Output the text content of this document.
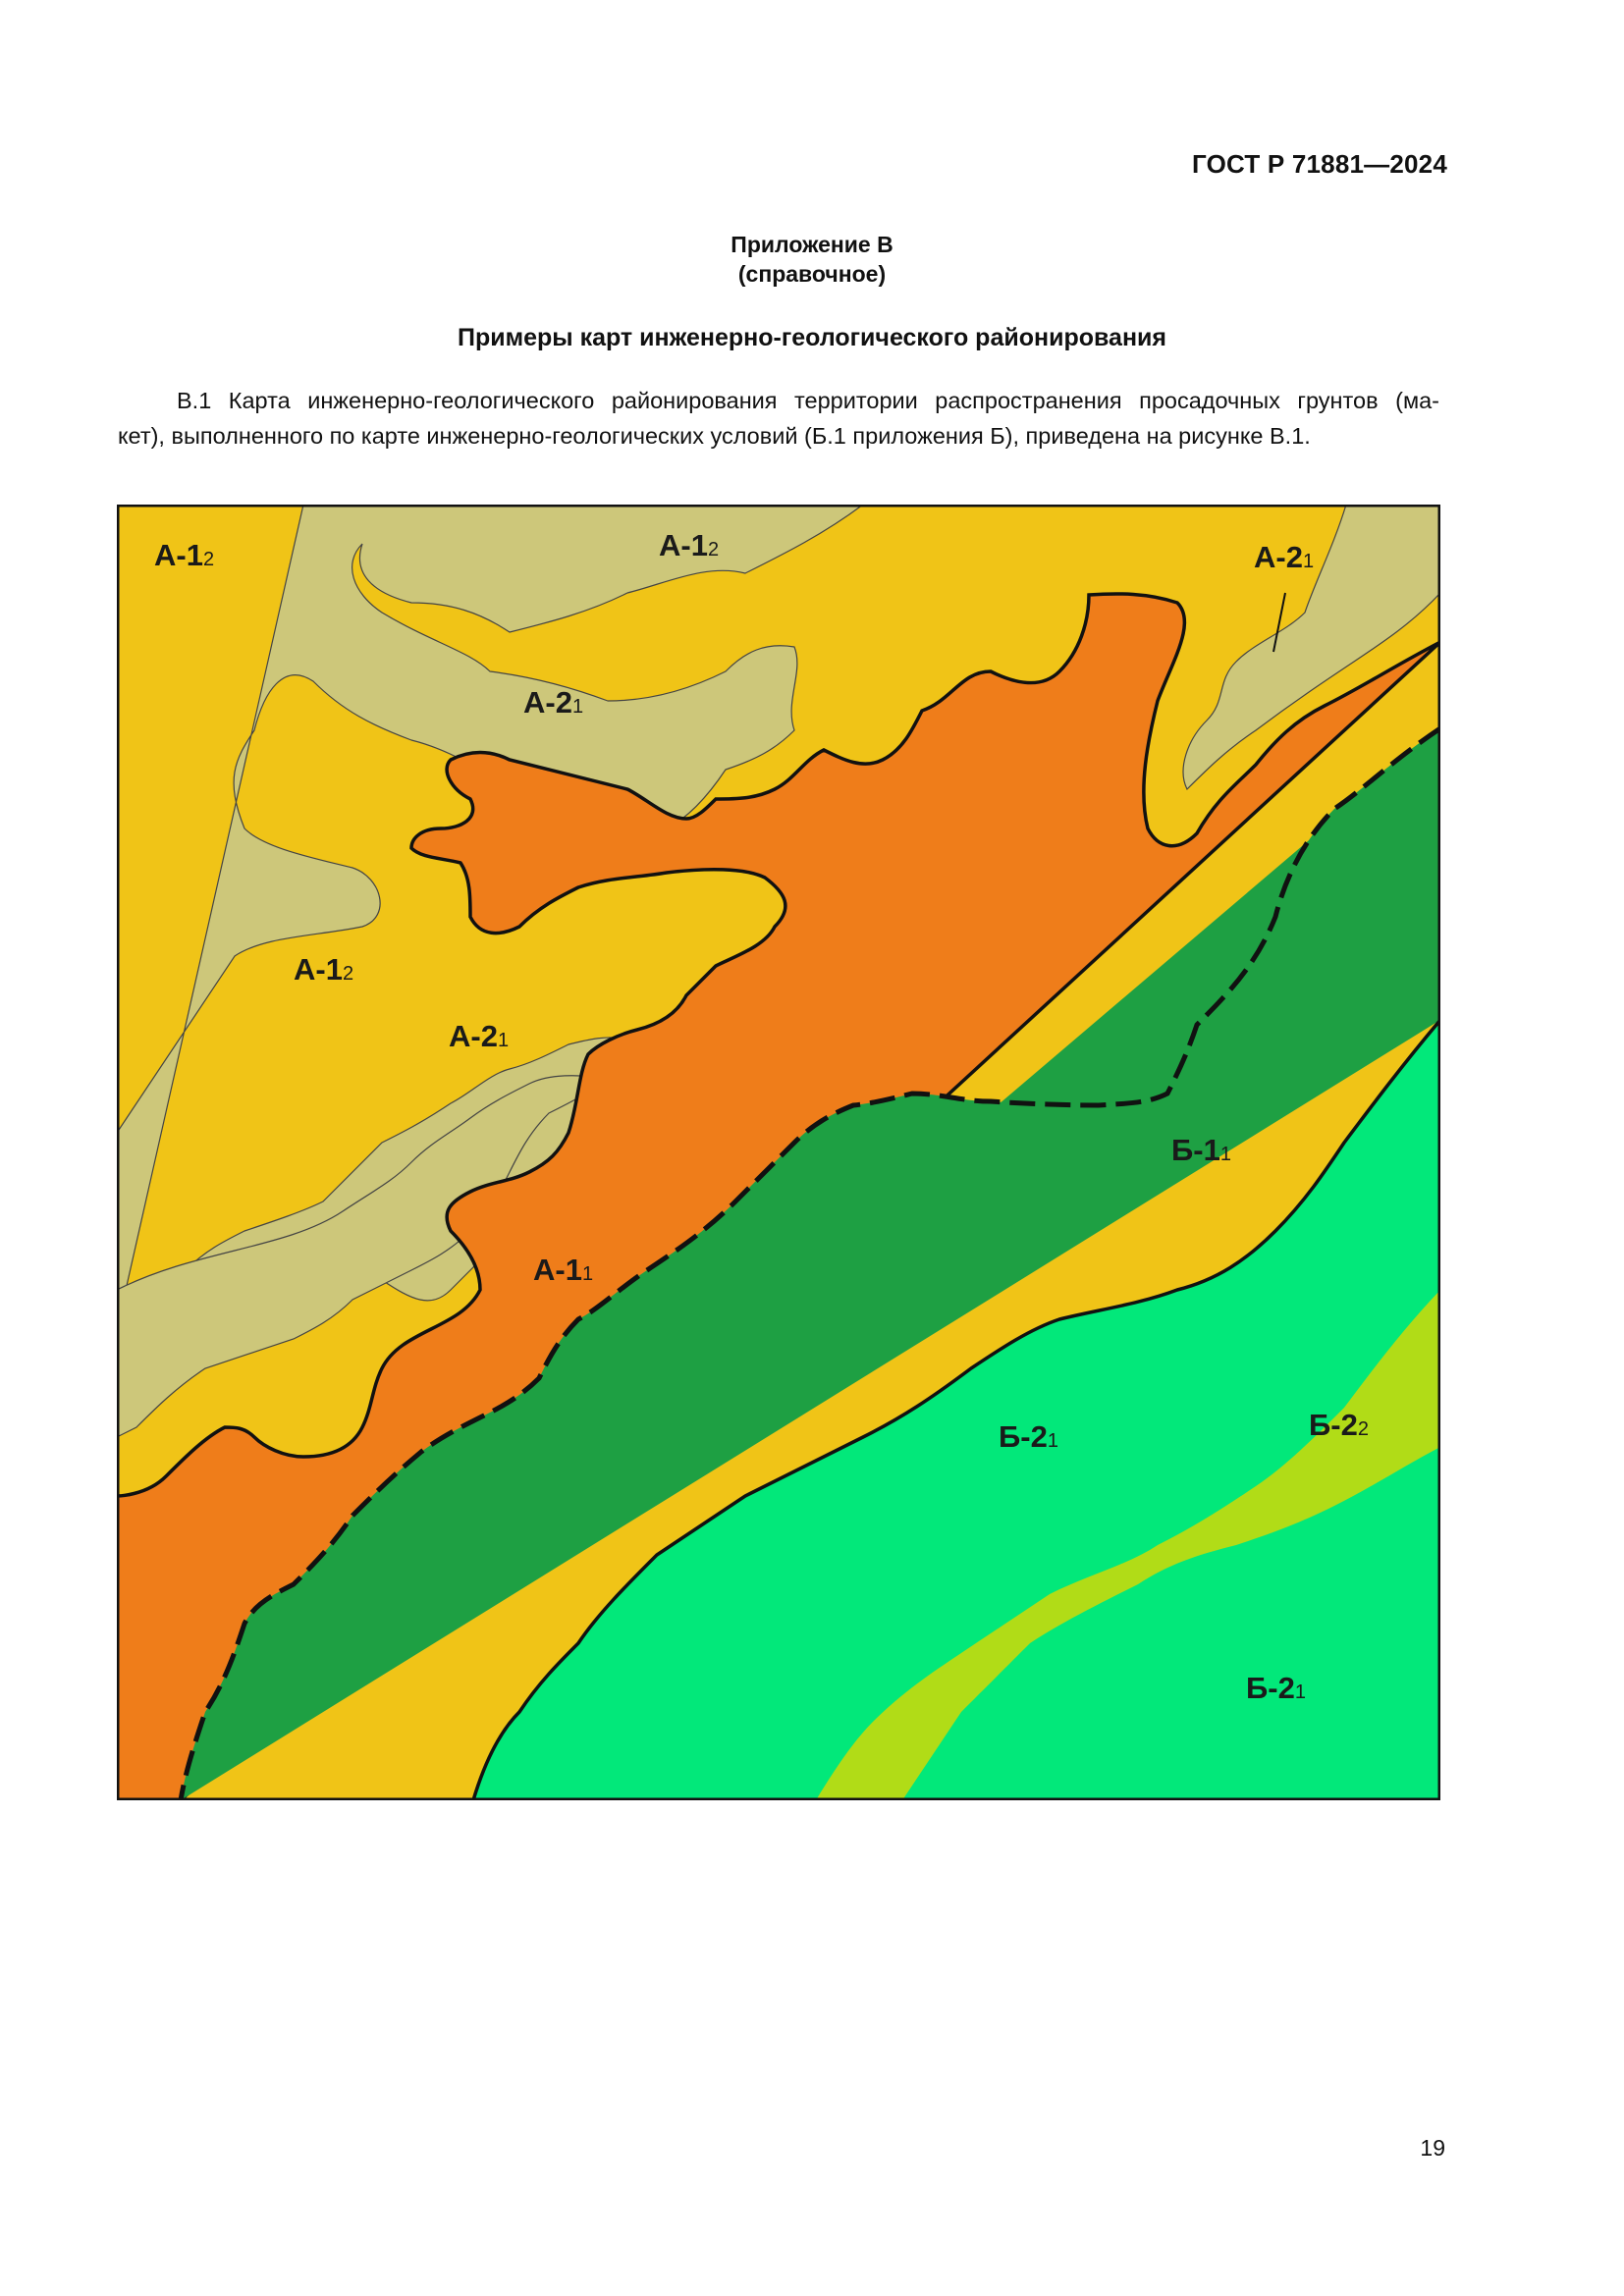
ГОСТ Р 71881—2024
Приложение В
(справочное)
Примеры карт инженерно-геологического районирования
В.1 Карта инженерно-геологического районирования территории распространения просадочных грунтов (ма-
кет), выполненного по карте инженерно-геологических условий (Б.1 приложения Б), приведена на рисунке В.1.
А-12	А-12	А-21
А-21
А-12
А-21
А-11
Б-11
Б-21	Б-22
Б-21
19
